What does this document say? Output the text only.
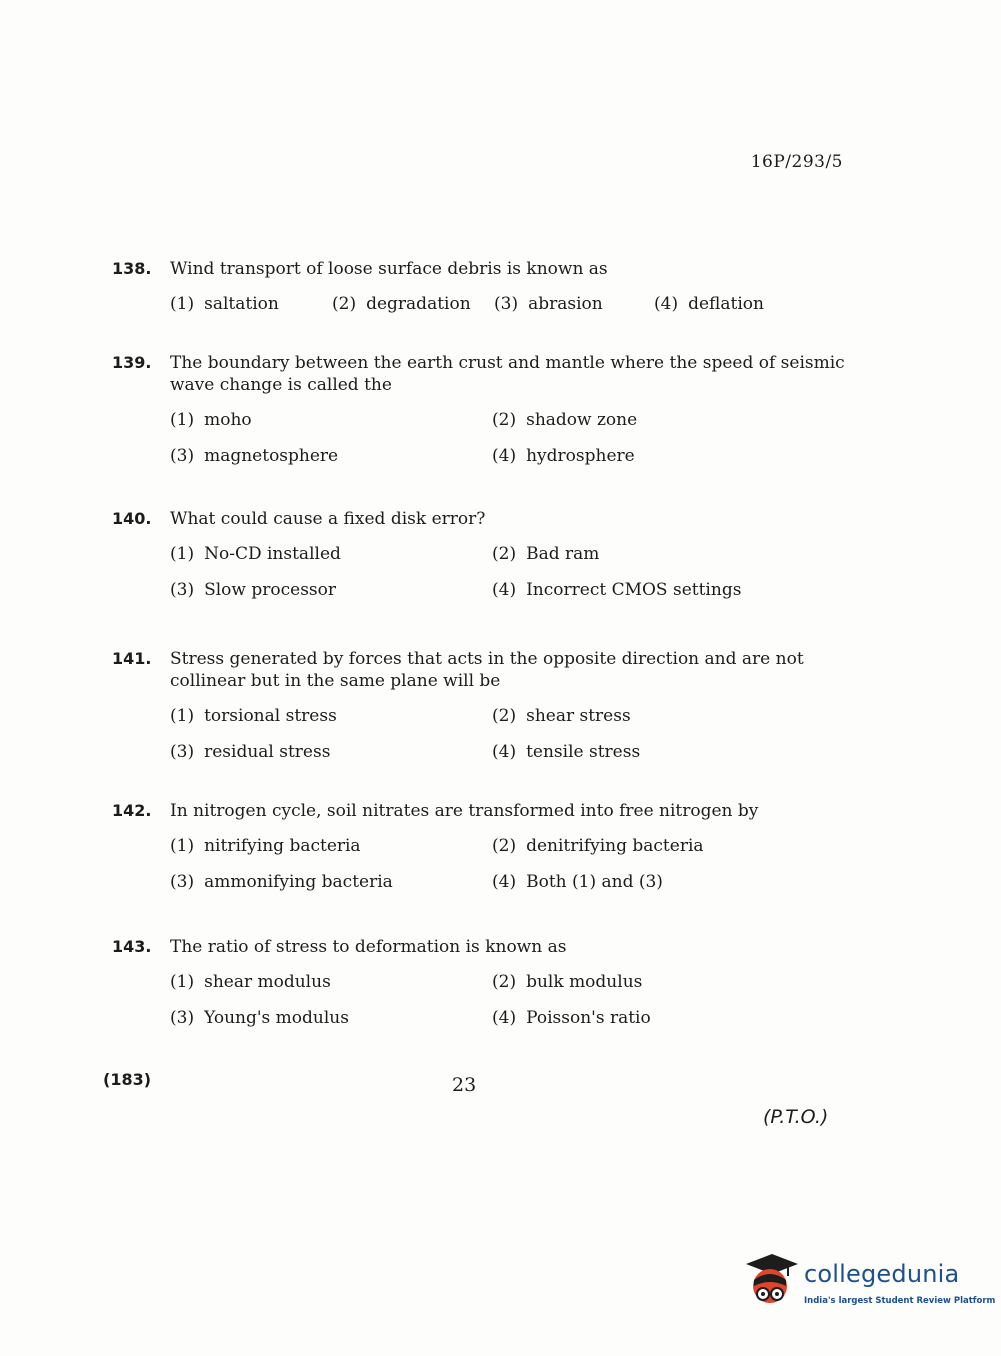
16P/293/5
138.	Wind transport of loose surface debris is known as
(1) saltation	(2) degradation	(3) abrasion	(4) deflation
139.	The boundary between the earth crust and mantle where the speed of seismic wave change is called the
(1) moho	(2) shadow zone
(3) magnetosphere	(4) hydrosphere
140.	What could cause a fixed disk error?
(1) No-CD installed	(2) Bad ram
(3) Slow processor	(4) Incorrect CMOS settings
141.	Stress generated by forces that acts in the opposite direction and are not collinear but in the same plane will be
(1) torsional stress	(2) shear stress
(3) residual stress	(4) tensile stress
142.	In nitrogen cycle, soil nitrates are transformed into free nitrogen by
(1) nitrifying bacteria	(2) denitrifying bacteria
(3) ammonifying bacteria	(4) Both (1) and (3)
143.	The ratio of stress to deformation is known as
(1) shear modulus	(2) bulk modulus
(3) Young's modulus	(4) Poisson's ratio
(183)	23
(P.T.O.)
collegedunia
India's largest Student Review Platform
